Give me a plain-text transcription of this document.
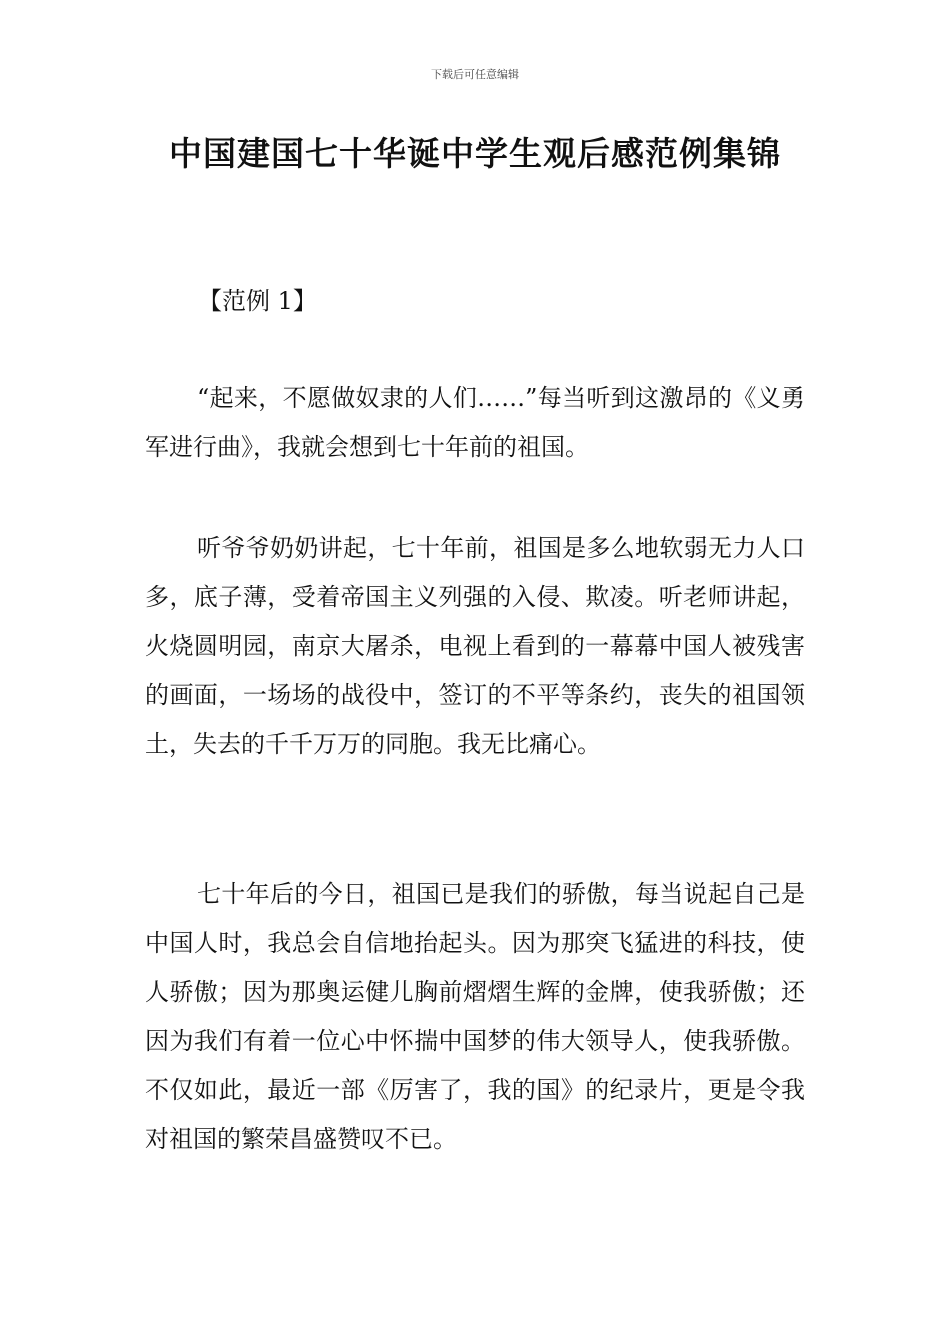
下载后可任意编辑
中国建国七十华诞中学生观后感范例集锦
【范例 1】

“起来，不愿做奴隶的人们……”每当听到这激昂的《义勇军进行曲》，我就会想到七十年前的祖国。

听爷爷奶奶讲起，七十年前，祖国是多么地软弱无力人口多，底子薄，受着帝国主义列强的入侵、欺凌。听老师讲起，火烧圆明园，南京大屠杀，电视上看到的一幕幕中国人被残害的画面，一场场的战役中，签订的不平等条约，丧失的祖国领土，失去的千千万万的同胞。我无比痛心。

七十年后的今日，祖国已是我们的骄傲，每当说起自己是中国人时，我总会自信地抬起头。因为那突飞猛进的科技，使人骄傲；因为那奥运健儿胸前熠熠生辉的金牌，使我骄傲；还因为我们有着一位心中怀揣中国梦的伟大领导人，使我骄傲。不仅如此，最近一部《厉害了，我的国》的纪录片，更是令我对祖国的繁荣昌盛赞叹不已。
